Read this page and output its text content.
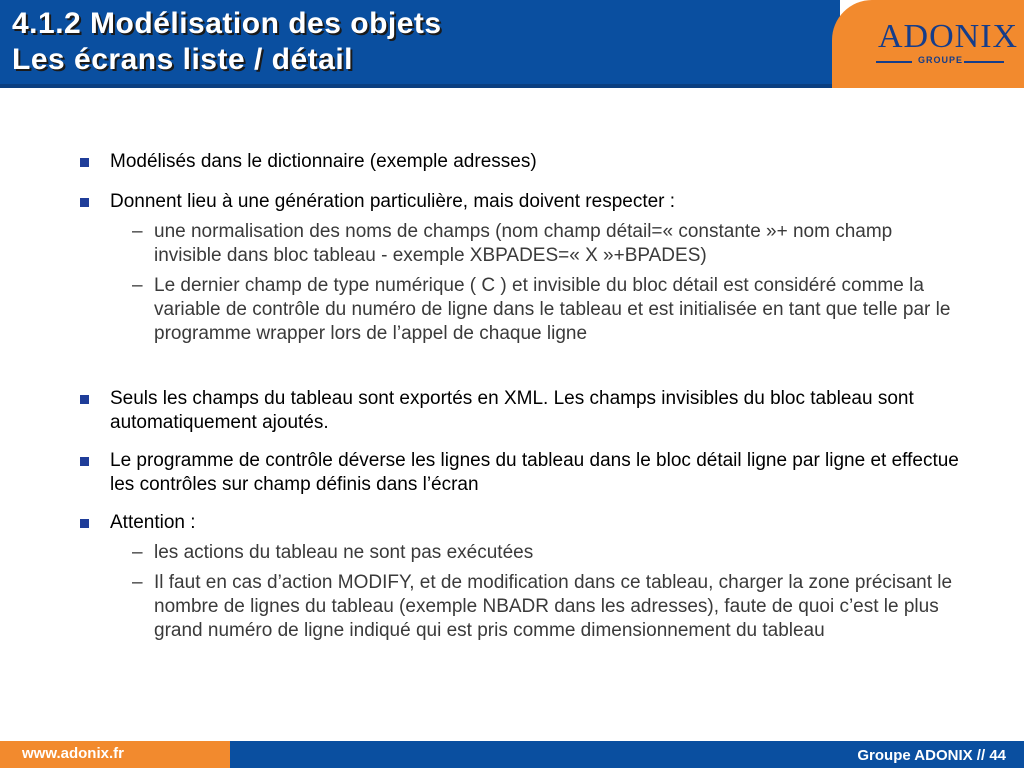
4.1.2 Modélisation des objets
Les écrans liste / détail
ADONIX
GROUPE
Modélisés dans le dictionnaire (exemple adresses)
Donnent lieu à une génération particulière, mais doivent respecter :
– une normalisation des noms de champs (nom champ détail=« constante »+ nom champ invisible dans bloc tableau - exemple XBPADES=« X »+BPADES)
– Le dernier champ de type numérique ( C ) et invisible du bloc détail est considéré comme la variable de contrôle du numéro de ligne dans le tableau et est initialisée en tant que telle par le programme wrapper lors de l’appel de chaque ligne
Seuls les champs du tableau sont exportés en XML. Les champs invisibles du bloc tableau sont automatiquement ajoutés.
Le programme de contrôle déverse les lignes du tableau dans le bloc détail ligne par ligne et effectue les contrôles sur champ définis dans l’écran
Attention :
– les actions du tableau ne sont pas exécutées
– Il faut en cas d’action MODIFY, et de modification dans ce tableau, charger la zone précisant le nombre de lignes du tableau (exemple NBADR dans les adresses), faute de quoi c’est le plus grand numéro de ligne indiqué qui est pris comme dimensionnement du tableau
www.adonix.fr	Groupe ADONIX // 44
